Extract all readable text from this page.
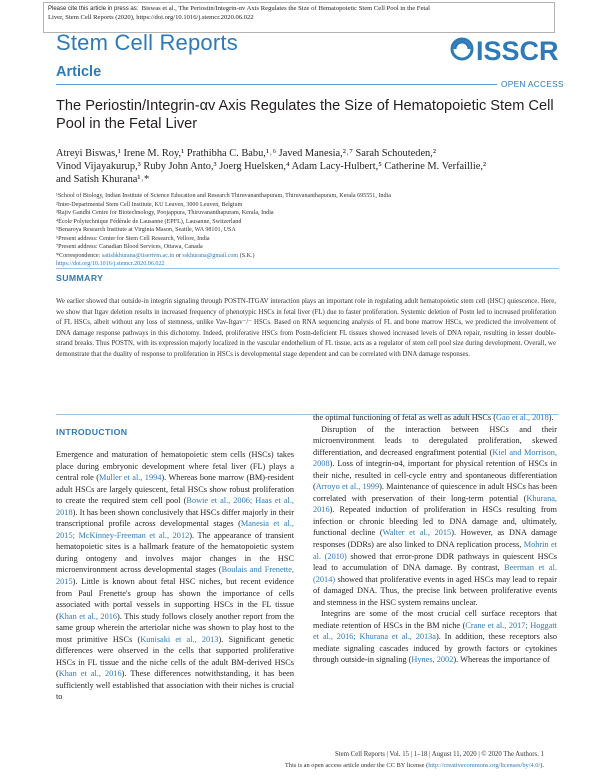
Please cite this article in press as: Biswas et al., The Periostin/Integrin-αv Axis Regulates the Size of Hematopoietic Stem Cell Pool in the Fetal
Liver, Stem Cell Reports (2020), https://doi.org/10.1016/j.stemcr.2020.06.022
Stem Cell Reports
Article
ISSCR
OPEN ACCESS
The Periostin/Integrin-αv Axis Regulates the Size of Hematopoietic Stem Cell
Pool in the Fetal Liver
Atreyi Biswas,¹ Irene M. Roy,¹ Prathibha C. Babu,¹˒⁶ Javed Manesia,²˒⁷ Sarah Schouteden,²
Vinod Vijayakurup,³ Ruby John Anto,³ Joerg Huelsken,⁴ Adam Lacy-Hulbert,⁵ Catherine M. Verfaillie,²
and Satish Khurana¹˒*
¹School of Biology, Indian Institute of Science Education and Research Thiruvananthapuram, Thiruvananthapuram, Kerala 695551, India
²Inter-Departmental Stem Cell Institute, KU Leuven, 3000 Leuven, Belgium
³Rajiv Gandhi Centre for Biotechnology, Poojappura, Thiruvananthapuram, Kerala, India
⁴École Polytechnique Fédérale de Lausanne (EPFL), Lausanne, Switzerland
⁵Benaroya Research Institute at Virginia Mason, Seattle, WA 98101, USA
⁶Present address: Center for Stem Cell Research, Vellore, India
⁷Present address: Canadian Blood Services, Ottawa, Canada
*Correspondence: satishkhurana@iisertvm.ac.in or sskhurana@gmail.com (S.K.)
https://doi.org/10.1016/j.stemcr.2020.06.022
SUMMARY
We earlier showed that outside-in integrin signaling through POSTN-ITGAV interaction plays an important role in regulating adult hematopoietic stem cell (HSC) quiescence. Here, we show that Itgav deletion results in increased frequency of phenotypic HSCs in fetal liver (FL) due to faster proliferation. Systemic deletion of Postn led to increased proliferation of FL HSCs, albeit without any loss of stemness, unlike Vav-Itgav⁻/⁻ HSCs. Based on RNA sequencing analysis of FL and bone marrow HSCs, we predicted the involvement of DNA damage response pathways in this dichotomy. Indeed, proliferative HSCs from Postn-deficient FL tissues showed increased levels of DNA repair, resulting in lesser double-strand breaks. Thus POSTN, with its expression majorly localized in the vascular endothelium of FL tissue, acts as a regulator of stem cell pool size during development. Overall, we demonstrate that the duality of response to proliferation in HSCs is developmental stage dependent and can be correlated with DNA damage responses.
INTRODUCTION

Emergence and maturation of hematopoietic stem cells (HSCs) takes place during embryonic development where fetal liver (FL) plays a central role (Muller et al., 1994). Whereas bone marrow (BM)-resident adult HSCs are largely quiescent, fetal HSCs show robust proliferation to create the required stem cell pool (Bowie et al., 2006; Haas et al., 2018). It has been shown conclusively that HSCs differ majorly in their transcriptional profile across developmental stages (Manesia et al., 2015; McKinney-Freeman et al., 2012). The appearance of transient hematopoietic sites is a hallmark feature of the hematopoietic system during ontogeny and involves major changes in the HSC microenvironment across developmental stages (Boulais and Frenette, 2015). Little is known about fetal HSC niches, but recent evidence from Paul Frenette's group has shown the importance of cells associated with portal vessels in supporting HSCs in the FL tissue (Khan et al., 2016). This study follows closely another report from the same group wherein the arteriolar niche was shown to play host to the most primitive HSCs (Kunisaki et al., 2013). Significant genetic differences were observed in the cells that supported proliferative HSCs in FL tissue and the niche cells of the adult BM-derived HSCs (Khan et al., 2016). These differences notwithstanding, it has been sufficiently well established that association with their niches is crucial to

the optimal functioning of fetal as well as adult HSCs (Gao et al., 2018).

Disruption of the interaction between HSCs and their microenvironment leads to deregulated proliferation, skewed differentiation, and decreased engraftment potential (Kiel and Morrison, 2008). Loss of integrin-α4, important for physical retention of HSCs in their niche, resulted in cell-cycle entry and spontaneous differentiation (Arroyo et al., 1999). Maintenance of quiescence in adult HSCs has been correlated with preservation of their long-term potential (Khurana, 2016). Repeated induction of proliferation in HSCs resulting from infection or chronic bleeding led to DNA damage and, ultimately, functional decline (Walter et al., 2015). However, as DNA damage responses (DDRs) are also linked to DNA replication process, Mohrin et al. (2010) showed that error-prone DDR pathways in quiescent HSCs lead to accumulation of DNA damage. By contrast, Beerman et al. (2014) showed that proliferative events in aged HSCs may lead to repair of damaged DNA. Thus, the precise link between proliferative events and stemness in the HSC system remains unclear.

Integrins are some of the most crucial cell surface receptors that mediate retention of HSCs in the BM niche (Crane et al., 2017; Hoggatt et al., 2016; Khurana et al., 2013a). In addition, these receptors also mediate signaling cascades induced by growth factors or cytokines through outside-in signaling (Hynes, 2002). Whereas the importance of

Stem Cell Reports | Vol. 15 | 1–18 | August 11, 2020 | © 2020 The Authors. 1
This is an open access article under the CC BY license (http://creativecommons.org/licenses/by/4.0/).
